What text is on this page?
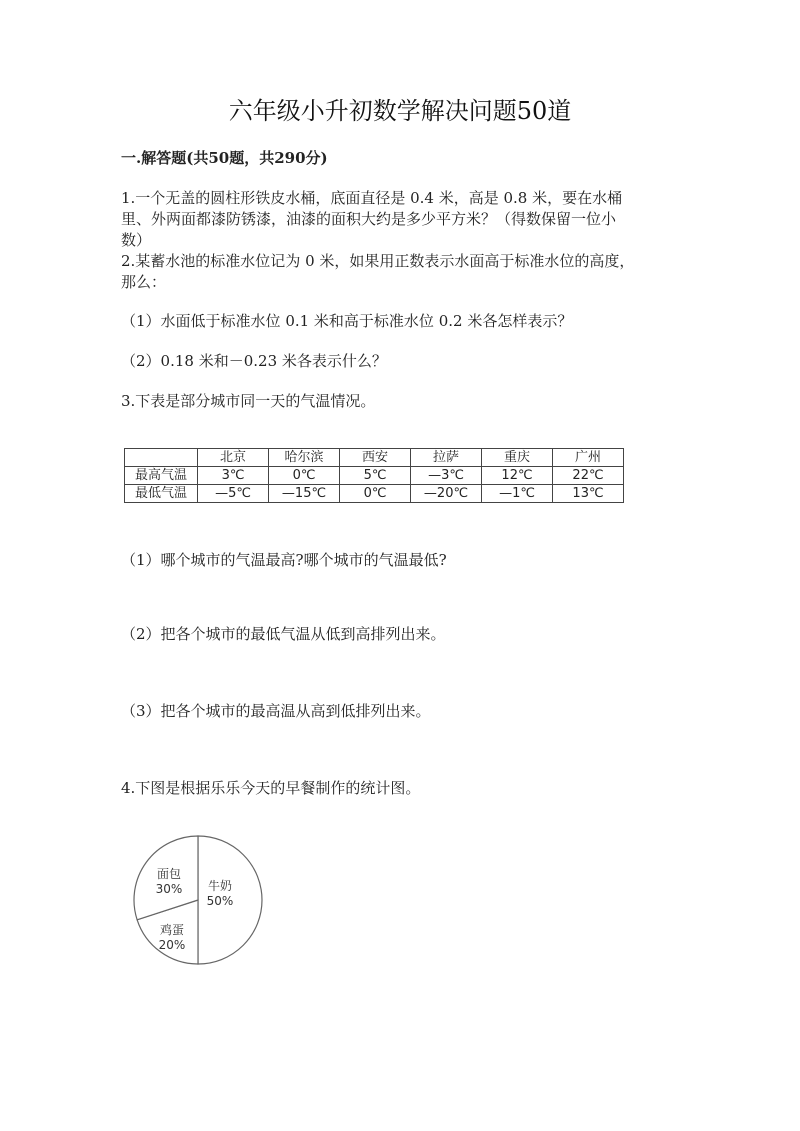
六年级小升初数学解决问题50道
一.解答题(共50题，共290分)
1.一个无盖的圆柱形铁皮水桶，底面直径是 0.4 米，高是 0.8 米，要在水桶
里、外两面都漆防锈漆，油漆的面积大约是多少平方米？（得数保留一位小
数）
2.某蓄水池的标准水位记为 0 米，如果用正数表示水面高于标准水位的高度，
那么：
（1）水面低于标准水位 0.1 米和高于标准水位 0.2 米各怎样表示？
（2）0.18 米和－0.23 米各表示什么？
3.下表是部分城市同一天的气温情况。
	北京	哈尔滨	西安	拉萨	重庆	广州
最高气温	3℃	0℃	5℃	—3℃	12℃	22℃
最低气温	—5℃	—15℃	0℃	—20℃	—1℃	13℃
（1）哪个城市的气温最高?哪个城市的气温最低?
（2）把各个城市的最低气温从低到高排列出来。
（3）把各个城市的最高温从高到低排列出来。
4.下图是根据乐乐今天的早餐制作的统计图。
牛奶
50%
鸡蛋
20%
面包
30%
